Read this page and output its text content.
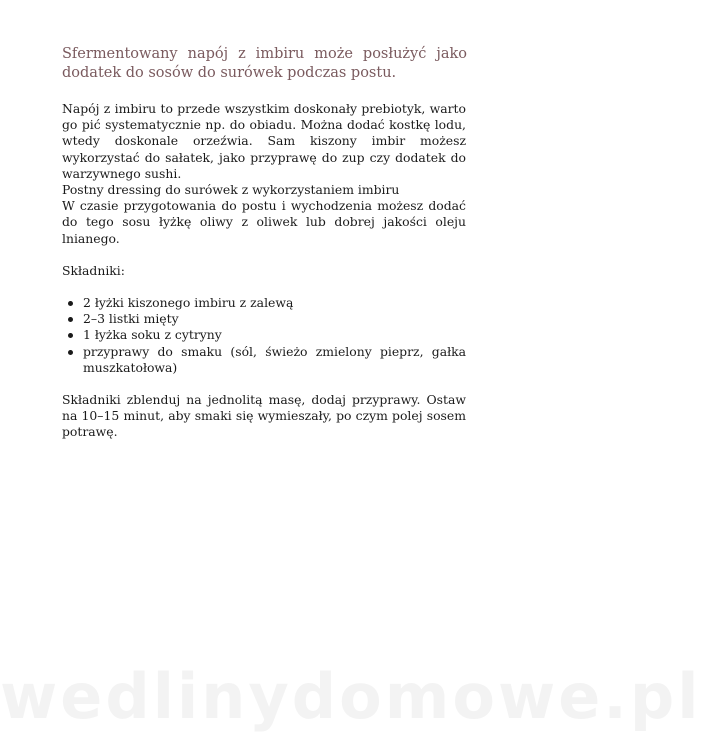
Sfermentowany napój z imbiru może posłużyć jako dodatek do sosów do surówek podczas postu.

Napój z imbiru to przede wszystkim doskonały prebiotyk, warto go pić systematycznie np. do obiadu. Można dodać kostkę lodu, wtedy doskonale orzeźwia. Sam kiszony imbir możesz wykorzystać do sałatek, jako przyprawę do zup czy dodatek do warzywnego sushi.

Postny dressing do surówek z wykorzystaniem imbiru

W czasie przygotowania do postu i wychodzenia możesz dodać do tego sosu łyżkę oliwy z oliwek lub dobrej jakości oleju lnianego.

Składniki:

2 łyżki kiszonego imbiru z zalewą
2–3 listki mięty
1 łyżka soku z cytryny
przyprawy do smaku (sól, świeżo zmielony pieprz, gałka muszkatołowa)

Składniki zblenduj na jednolitą masę, dodaj przyprawy. Ostaw na 10–15 minut, aby smaki się wymieszały, po czym polej sosem potrawę.

wedlinydomowe.pl
